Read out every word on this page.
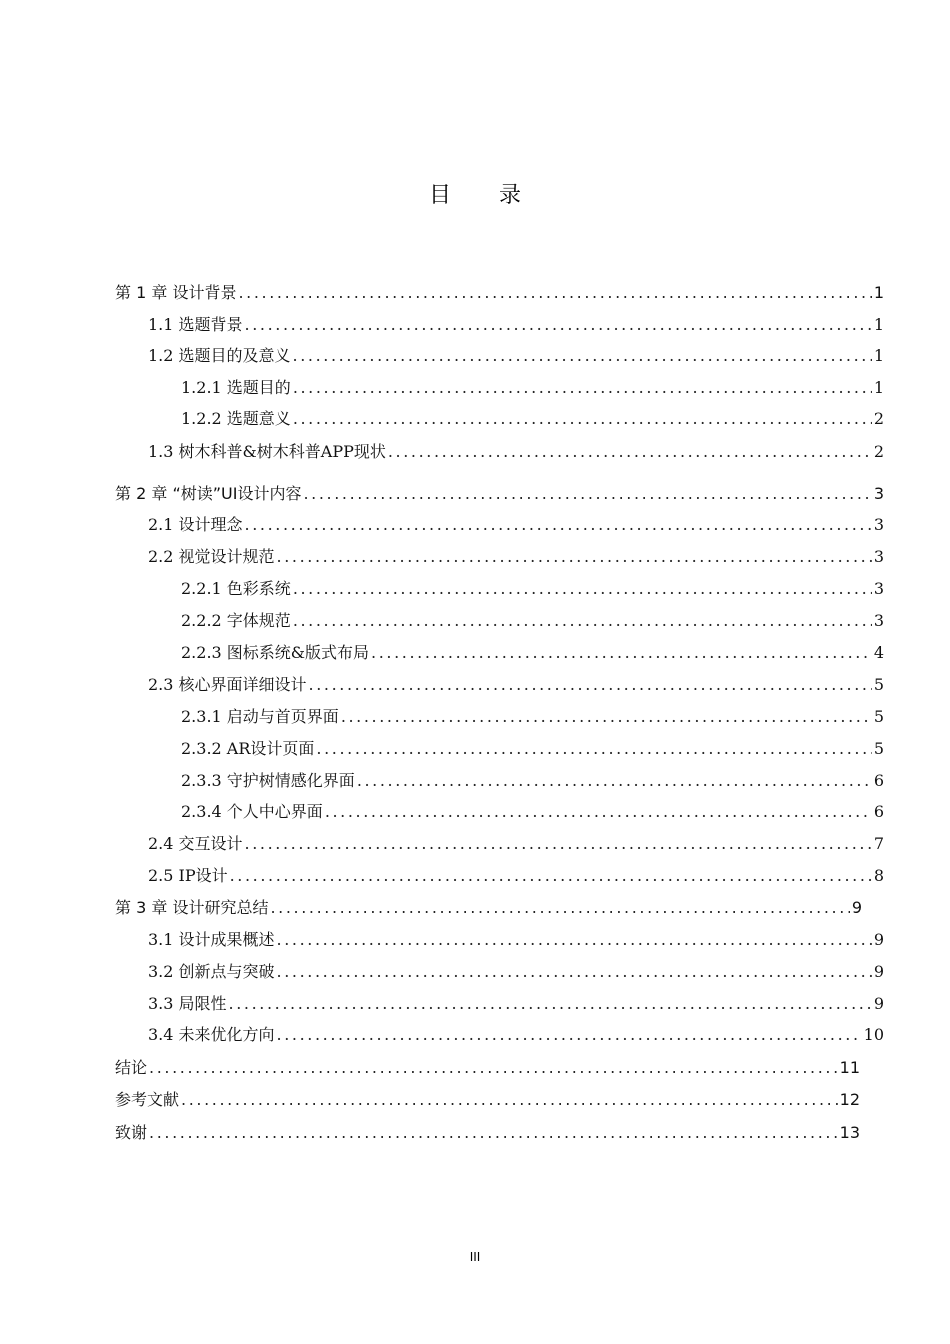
目录
第 1 章 设计背景 .....	1
1.1 选题背景 .....	1
1.2 选题目的及意义 .....	1
1.2.1 选题目的 .....	1
1.2.2 选题意义 .....	2
1.3 树木科普&树木科普APP现状 .....	2
第 2 章 “树读”UI设计内容 .....	3
2.1 设计理念 .....	3
2.2 视觉设计规范 .....	3
2.2.1 色彩系统 .....	3
2.2.2 字体规范 .....	3
2.2.3 图标系统&版式布局 .....	4
2.3 核心界面详细设计 .....	5
2.3.1 启动与首页界面 .....	5
2.3.2 AR设计页面 .....	5
2.3.3 守护树情感化界面 .....	6
2.3.4 个人中心界面 .....	6
2.4 交互设计 .....	7
2.5 IP设计 .....	8
第 3 章 设计研究总结 .....	9
3.1 设计成果概述 .....	9
3.2 创新点与突破 .....	9
3.3 局限性 .....	9
3.4 未来优化方向 .....	10
结论 .....	11
参考文献 .....	12
致谢 .....	13
III
